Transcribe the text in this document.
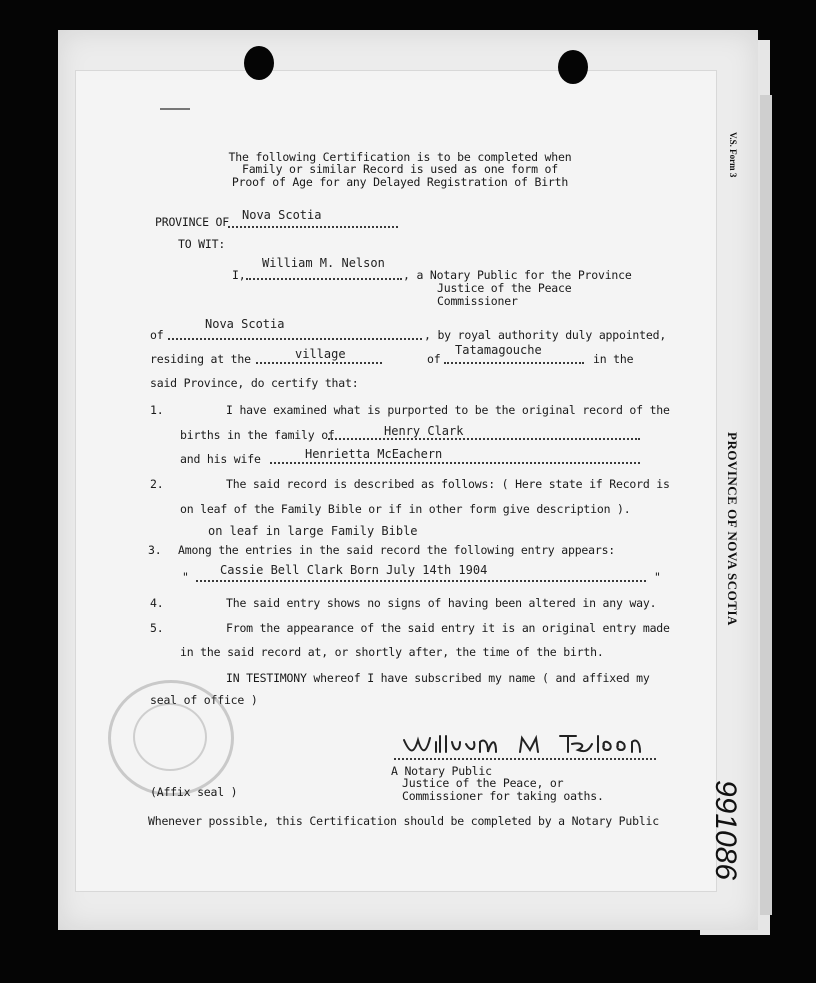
The following Certification is to be completed when
Family or similar Record is used as one form of
Proof of Age for any Delayed Registration of Birth
V.S. Form 3
PROVINCE OF NOVA SCOTIA
991086
PROVINCE OF Nova Scotia
TO WIT:
I,
William M. Nelson
, a Notary Public for the Province
Justice of the Peace
Commissioner
of
Nova Scotia
, by royal authority duly appointed,
residing at the	village	of
Tatamagouche
in the
said Province, do certify that:
1.	I have examined what is purported to be the original record of the
births in the family of	Henry Clark
and his wife	Henrietta McEachern
2.	The said record is described as follows: ( Here state if Record is
on leaf of the Family Bible or if in other form give description ).
on leaf in large Family Bible
3. Among the entries in the said record the following entry appears:
"	Cassie Bell Clark Born July 14th 1904	"
4.	The said entry shows no signs of having been altered in any way.
5.	From the appearance of the said entry it is an original entry made
in the said record at, or shortly after, the time of the birth.
IN TESTIMONY whereof I have subscribed my name ( and affixed my
seal of office )
A Notary Public
Justice of the Peace, or
Commissioner for taking oaths.
(Affix seal )
Whenever possible, this Certification should be completed by a Notary Public
